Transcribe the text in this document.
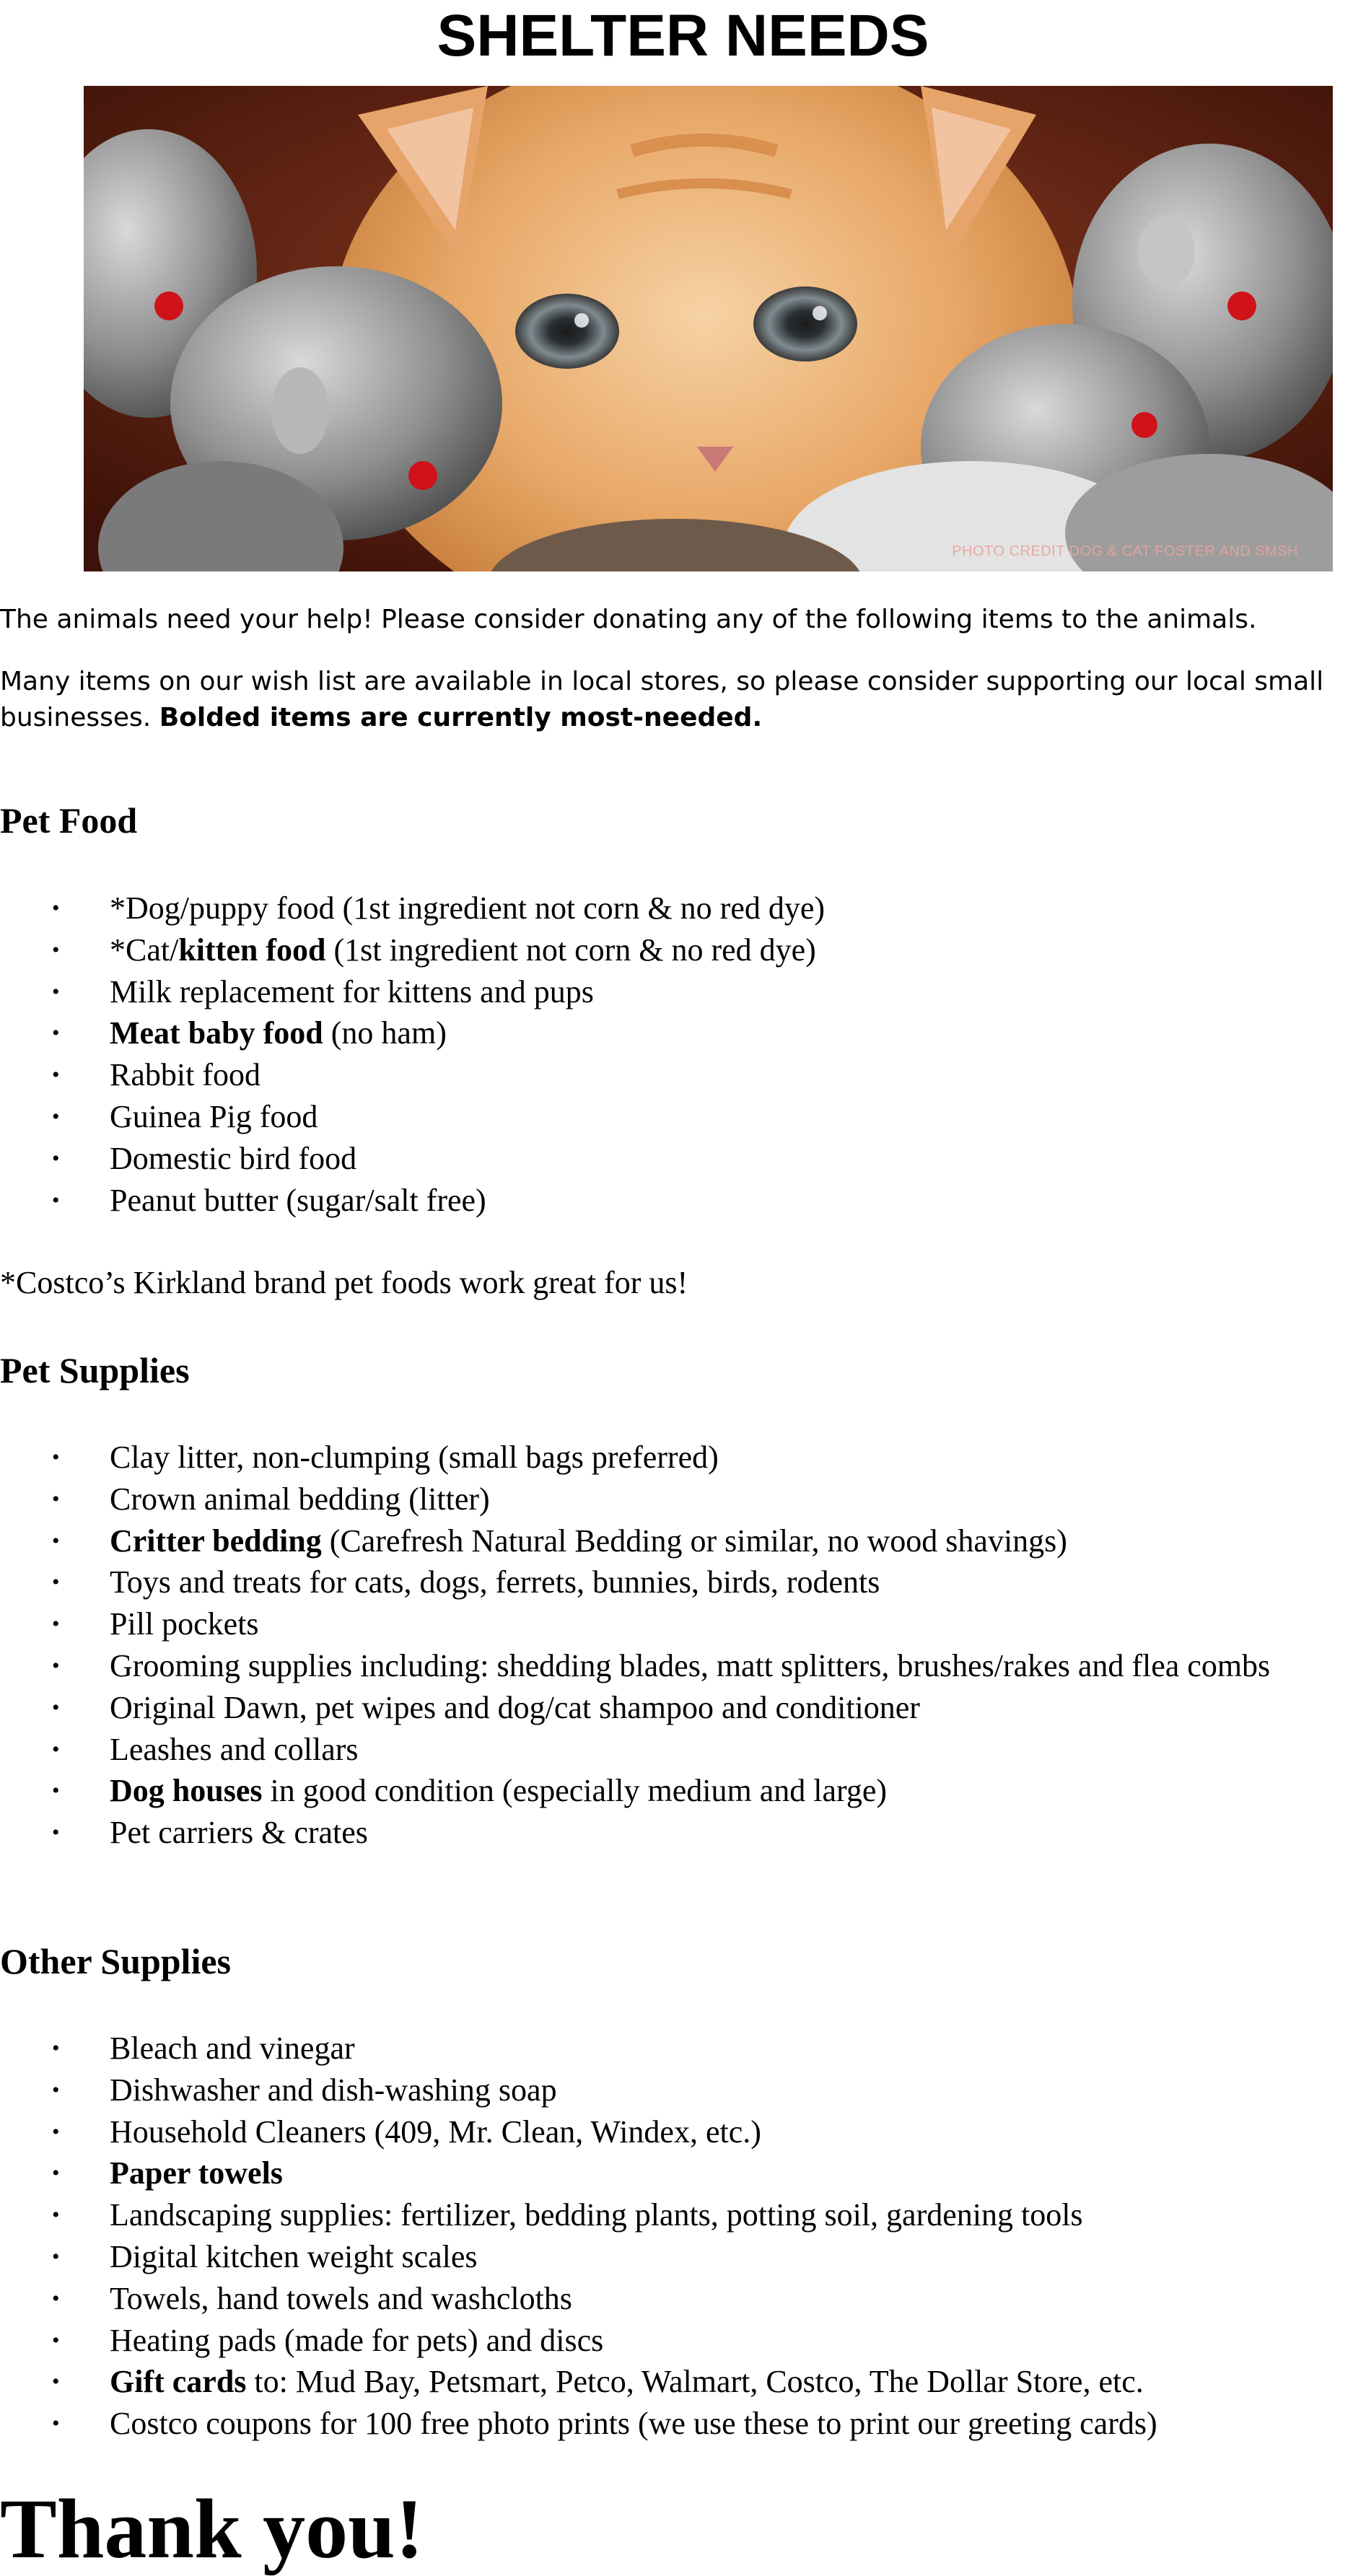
SHELTER NEEDS
PHOTO CREDIT DOG & CAT FOSTER AND SMSH

The animals need your help! Please consider donating any of the following items to the animals.

Many items on our wish list are available in local stores, so please consider supporting our local small businesses. Bolded items are currently most-needed.

Pet Food
• *Dog/puppy food (1st ingredient not corn & no red dye)
• *Cat/kitten food (1st ingredient not corn & no red dye)
• Milk replacement for kittens and pups
• Meat baby food (no ham)
• Rabbit food
• Guinea Pig food
• Domestic bird food
• Peanut butter (sugar/salt free)

*Costco’s Kirkland brand pet foods work great for us!

Pet Supplies
• Clay litter, non-clumping (small bags preferred)
• Crown animal bedding (litter)
• Critter bedding (Carefresh Natural Bedding or similar, no wood shavings)
• Toys and treats for cats, dogs, ferrets, bunnies, birds, rodents
• Pill pockets
• Grooming supplies including: shedding blades, matt splitters, brushes/rakes and flea combs
• Original Dawn, pet wipes and dog/cat shampoo and conditioner
• Leashes and collars
• Dog houses in good condition (especially medium and large)
• Pet carriers & crates
Other Supplies
• Bleach and vinegar
• Dishwasher and dish-washing soap
• Household Cleaners (409, Mr. Clean, Windex, etc.)
• Paper towels
• Landscaping supplies: fertilizer, bedding plants, potting soil, gardening tools
• Digital kitchen weight scales
• Towels, hand towels and washcloths
• Heating pads (made for pets) and discs
• Gift cards to: Mud Bay, Petsmart, Petco, Walmart, Costco, The Dollar Store, etc.
• Costco coupons for 100 free photo prints (we use these to print our greeting cards)

Thank you!
